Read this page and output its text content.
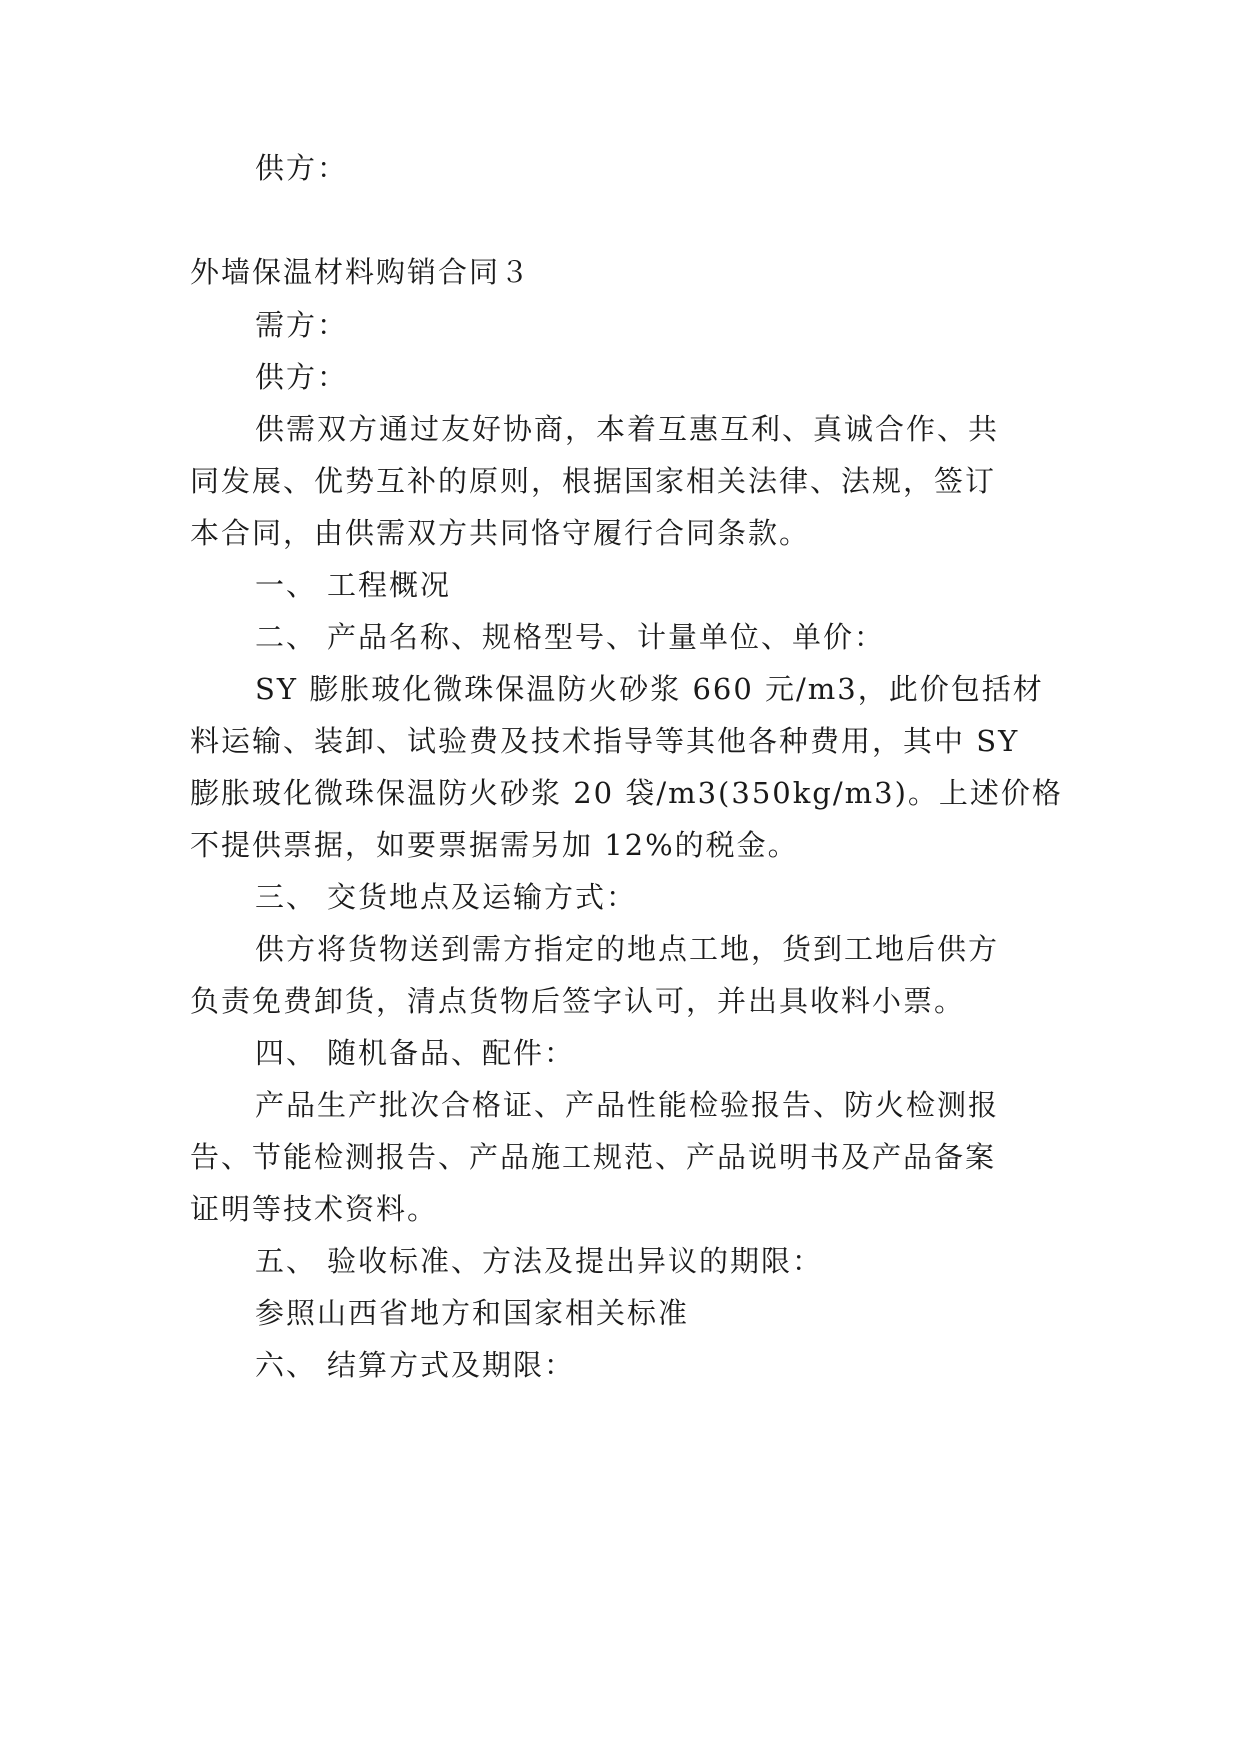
供方：
外墙保温材料购销合同３
需方：
供方：
供需双方通过友好协商，本着互惠互利、真诚合作、共
同发展、优势互补的原则，根据国家相关法律、法规，签订
本合同，由供需双方共同恪守履行合同条款。
一、 工程概况
二、 产品名称、规格型号、计量单位、单价：
SY 膨胀玻化微珠保温防火砂浆 660 元/m3，此价包括材
料运输、装卸、试验费及技术指导等其他各种费用，其中 SY
膨胀玻化微珠保温防火砂浆 20 袋/m3(350kg/m3)。上述价格
不提供票据，如要票据需另加 12%的税金。
三、 交货地点及运输方式：
供方将货物送到需方指定的地点工地，货到工地后供方
负责免费卸货，清点货物后签字认可，并出具收料小票。
四、 随机备品、配件：
产品生产批次合格证、产品性能检验报告、防火检测报
告、节能检测报告、产品施工规范、产品说明书及产品备案
证明等技术资料。
五、 验收标准、方法及提出异议的期限：
参照山西省地方和国家相关标准
六、 结算方式及期限：
